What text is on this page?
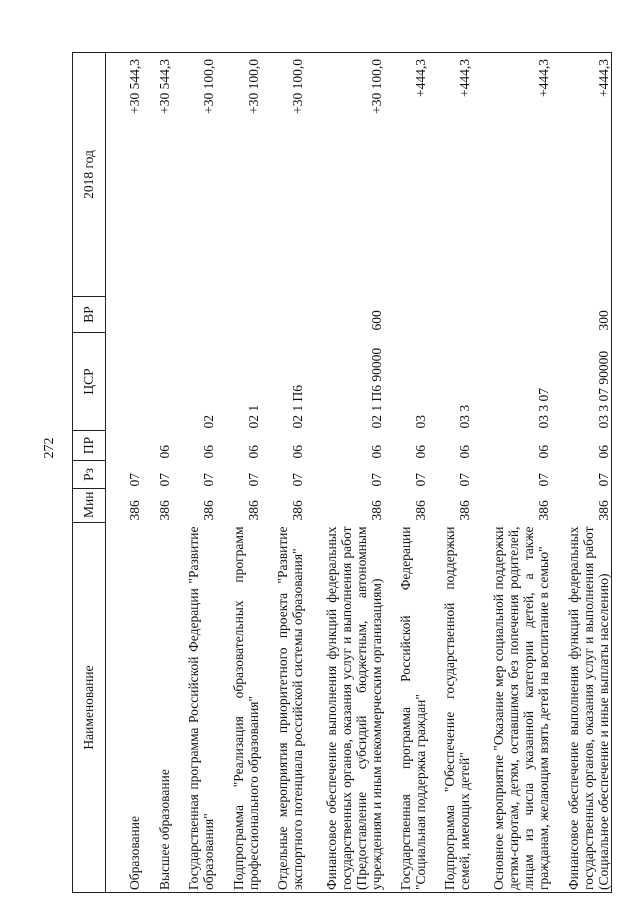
272
Наименование	Мин	Рз	ПР	ЦСР	ВР	2018 год
Образование	386	07				+30 544,3
Высшее образование	386	07	06			+30 544,3
Государственная программа Российской Федерации "Развитие образования"	386	07	06	02		+30 100,0
Подпрограмма "Реализация образовательных программ профессионального образования"	386	07	06	02 1		+30 100,0
Отдельные мероприятия приоритетного проекта "Развитие экспортного потенциала российской системы образования"	386	07	06	02 1 П6		+30 100,0
Финансовое обеспечение выполнения функций федеральных государственных органов, оказания услуг и выполнения работ (Предоставление субсидий бюджетным, автономным учреждениям и иным некоммерческим организациям)	386	07	06	02 1 П6 90000	600	+30 100,0
Государственная программа Российской Федерации "Социальная поддержка граждан"	386	07	06	03		+444,3
Подпрограмма "Обеспечение государственной поддержки семей, имеющих детей"	386	07	06	03 3		+444,3
Основное мероприятие "Оказание мер социальной поддержки детям-сиротам, детям, оставшимся без попечения родителей, лицам из числа указанной категории детей, а также гражданам, желающим взять детей на воспитание в семью"	386	07	06	03 3 07		+444,3
Финансовое обеспечение выполнения функций федеральных государственных органов, оказания услуг и выполнения работ (Социальное обеспечение и иные выплаты населению)	386	07	06	03 3 07 90000	300	+444,3
